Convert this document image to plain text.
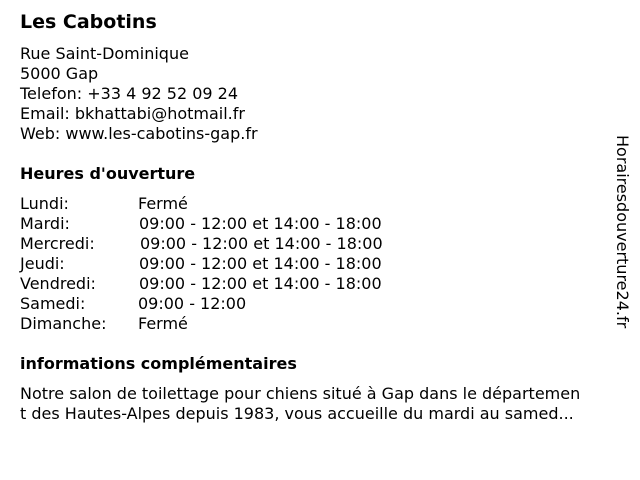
Les Cabotins
Rue Saint-Dominique
5000 Gap
Telefon: +33 4 92 52 09 24
Email: bkhattabi@hotmail.fr
Web: www.les-cabotins-gap.fr
Heures d'ouverture
Lundi:	Fermé
Mardi:	09:00 - 12:00 et 14:00 - 18:00
Mercredi:	09:00 - 12:00 et 14:00 - 18:00
Jeudi:	09:00 - 12:00 et 14:00 - 18:00
Vendredi:	09:00 - 12:00 et 14:00 - 18:00
Samedi:	09:00 - 12:00
Dimanche: Fermé
informations complémentaires
Notre salon de toilettage pour chiens situé à Gap dans le départemen
t des Hautes-Alpes depuis 1983, vous accueille du mardi au samed...
Horairesdouverture24.fr
